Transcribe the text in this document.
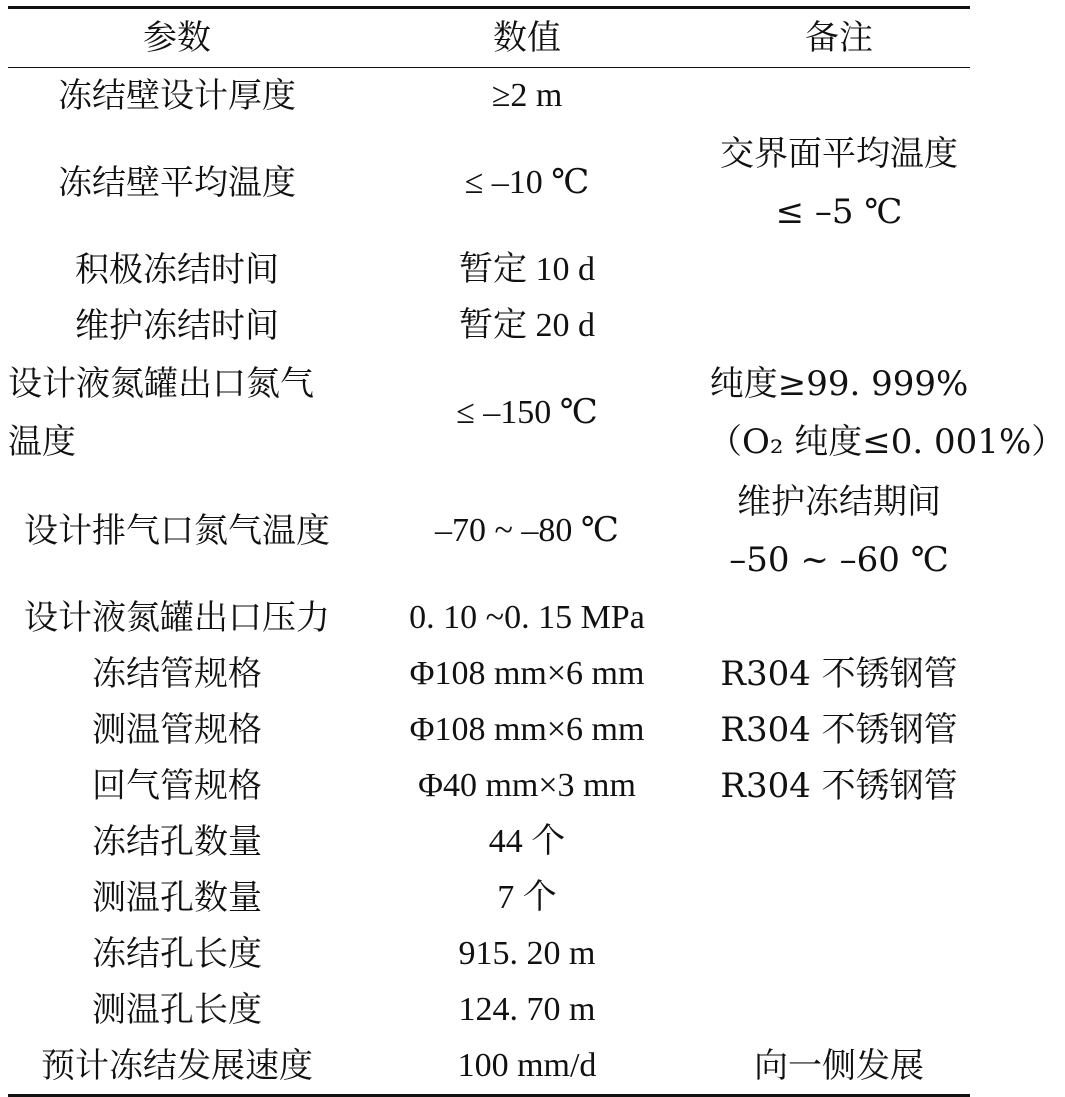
参数	数值	备注
冻结壁设计厚度	≥2 m	
冻结壁平均温度	≤ –10 ℃	交界面平均温度
≤ –5 ℃

积极冻结时间	暂定 10 d	
维护冻结时间	暂定 20 d	

设计液氮罐出口氮气
温度	≤ –150 ℃	纯度≥99. 999%
（O₂ 纯度≤0. 001%）

设计排气口氮气温度	–70 ~ –80 ℃	维护冻结期间
–50 ~ –60 ℃

设计液氮罐出口压力	0. 10 ~0. 15 MPa	
冻结管规格	Φ108 mm×6 mm	R304 不锈钢管
测温管规格	Φ108 mm×6 mm	R304 不锈钢管
回气管规格	Φ40 mm×3 mm	R304 不锈钢管
冻结孔数量	44 个	
测温孔数量	7 个	
冻结孔长度	915. 20 m	
测温孔长度	124. 70 m	
预计冻结发展速度	100 mm/d	向一侧发展
